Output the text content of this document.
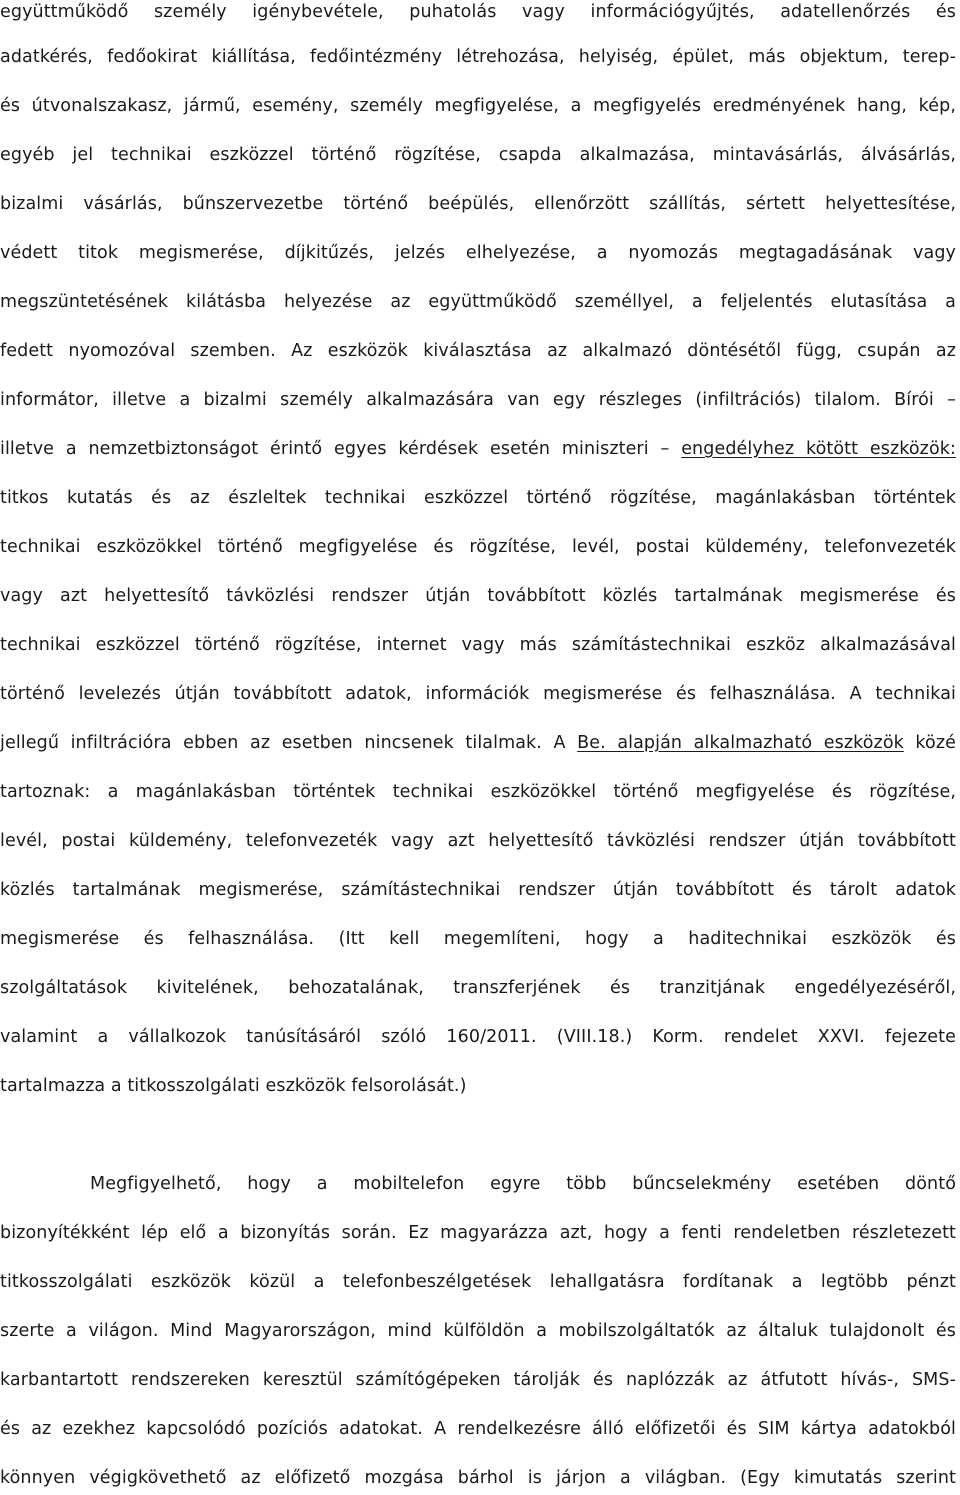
együttműködő személy igénybevétele, puhatolás vagy információgyűjtés, adatellenőrzés és
adatkérés, fedőokirat kiállítása, fedőintézmény létrehozása, helyiség, épület, más objektum, terep-
és útvonalszakasz, jármű, esemény, személy megfigyelése, a megfigyelés eredményének hang, kép,
egyéb jel technikai eszközzel történő rögzítése, csapda alkalmazása, mintavásárlás, álvásárlás,
bizalmi vásárlás, bűnszervezetbe történő beépülés, ellenőrzött szállítás, sértett helyettesítése,
védett titok megismerése, díjkitűzés, jelzés elhelyezése, a nyomozás megtagadásának vagy
megszüntetésének kilátásba helyezése az együttműködő személlyel, a feljelentés elutasítása a
fedett nyomozóval szemben. Az eszközök kiválasztása az alkalmazó döntésétől függ, csupán az
informátor, illetve a bizalmi személy alkalmazására van egy részleges (infiltrációs) tilalom. Bírói –
illetve a nemzetbiztonságot érintő egyes kérdések esetén miniszteri – engedélyhez kötött eszközök:
titkos kutatás és az észleltek technikai eszközzel történő rögzítése, magánlakásban történtek
technikai eszközökkel történő megfigyelése és rögzítése, levél, postai küldemény, telefonvezeték
vagy azt helyettesítő távközlési rendszer útján továbbított közlés tartalmának megismerése és
technikai eszközzel történő rögzítése, internet vagy más számítástechnikai eszköz alkalmazásával
történő levelezés útján továbbított adatok, információk megismerése és felhasználása. A technikai
jellegű infiltrációra ebben az esetben nincsenek tilalmak. A Be. alapján alkalmazható eszközök közé
tartoznak: a magánlakásban történtek technikai eszközökkel történő megfigyelése és rögzítése,
levél, postai küldemény, telefonvezeték vagy azt helyettesítő távközlési rendszer útján továbbított
közlés tartalmának megismerése, számítástechnikai rendszer útján továbbított és tárolt adatok
megismerése és felhasználása. (Itt kell megemlíteni, hogy a haditechnikai eszközök és
szolgáltatások kivitelének, behozatalának, transzferjének és tranzitjának engedélyezéséről,
valamint a vállalkozok tanúsításáról szóló 160/2011. (VIII.18.) Korm. rendelet XXVI. fejezete
tartalmazza a titkosszolgálati eszközök felsorolását.)
Megfigyelhető, hogy a mobiltelefon egyre több bűncselekmény esetében döntő
bizonyítékként lép elő a bizonyítás során. Ez magyarázza azt, hogy a fenti rendeletben részletezett
titkosszolgálati eszközök közül a telefonbeszélgetések lehallgatásra fordítanak a legtöbb pénzt
szerte a világon. Mind Magyarországon, mind külföldön a mobilszolgáltatók az általuk tulajdonolt és
karbantartott rendszereken keresztül számítógépeken tárolják és naplózzák az átfutott hívás-, SMS-
és az ezekhez kapcsolódó pozíciós adatokat. A rendelkezésre álló előfizetői és SIM kártya adatokból
könnyen végigkövethető az előfizető mozgása bárhol is járjon a világban. (Egy kimutatás szerint
